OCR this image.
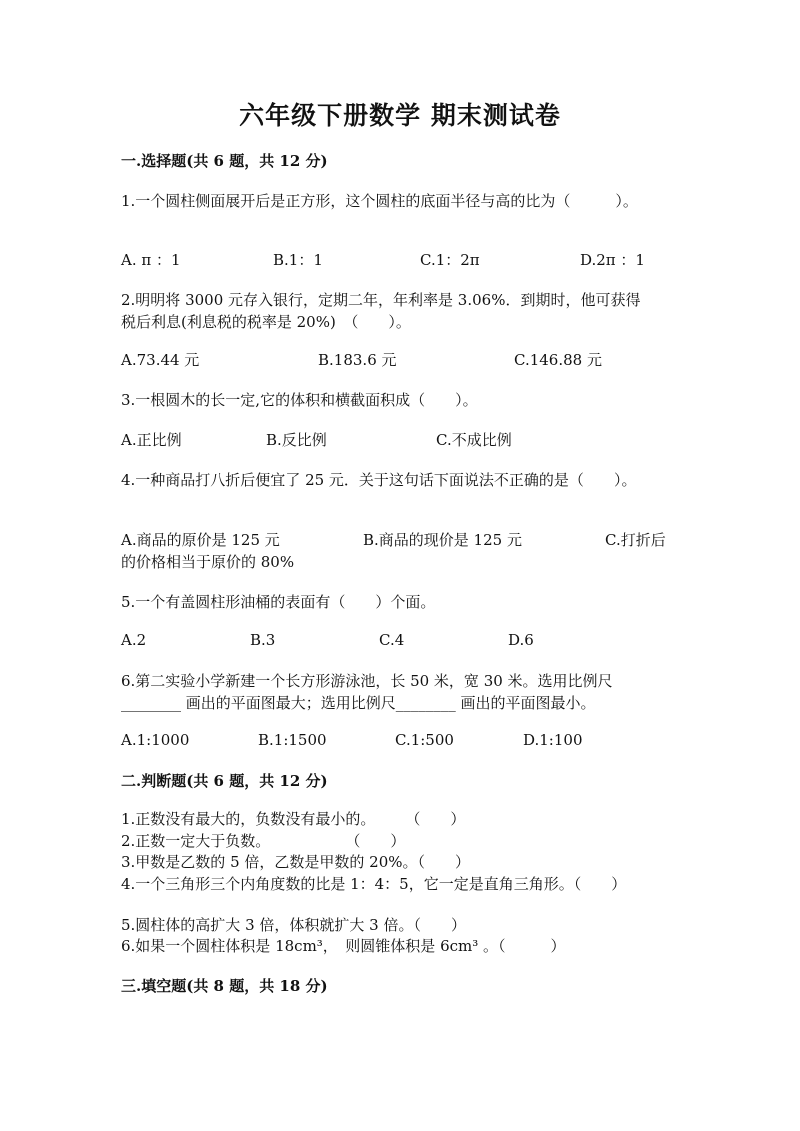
六年级下册数学 期末测试卷
一.选择题(共 6 题，共 12 分)
1.一个圆柱侧面展开后是正方形，这个圆柱的底面半径与高的比为（　　　）。
A. π ：1	B.1：1	C.1：2π	D.2π ：1
2.明明将 3000 元存入银行，定期二年，年利率是 3.06%．到期时，他可获得
税后利息(利息税的税率是 20%)　（　　）。
A.73.44 元	B.183.6 元	C.146.88 元
3.一根圆木的长一定,它的体积和横截面积成（　　）。
A.正比例	B.反比例	C.不成比例
4.一种商品打八折后便宜了 25 元．关于这句话下面说法不正确的是（　　）。
A.商品的原价是 125 元	B.商品的现价是 125 元	C.打折后
的价格相当于原价的 80%
5.一个有盖圆柱形油桶的表面有（　　）个面。
A.2	B.3	C.4	D.6
6.第二实验小学新建一个长方形游泳池，长 50 米，宽 30 米。选用比例尺
________ 画出的平面图最大；选用比例尺________ 画出的平面图最小。
A.1:1000	B.1:1500	C.1:500	D.1:100
二.判断题(共 6 题，共 12 分)
1.正数没有最大的，负数没有最小的。　　　（　　）
2.正数一定大于负数。　　　　　　（　　）
3.甲数是乙数的 5 倍，乙数是甲数的 20%。（　　）
4.一个三角形三个内角度数的比是 1：4：5，它一定是直角三角形。（　　）
5.圆柱体的高扩大 3 倍，体积就扩大 3 倍。（　　）
6.如果一个圆柱体积是 18cm³，　则圆锥体积是 6cm³ 。（　　　）
三.填空题(共 8 题，共 18 分)
